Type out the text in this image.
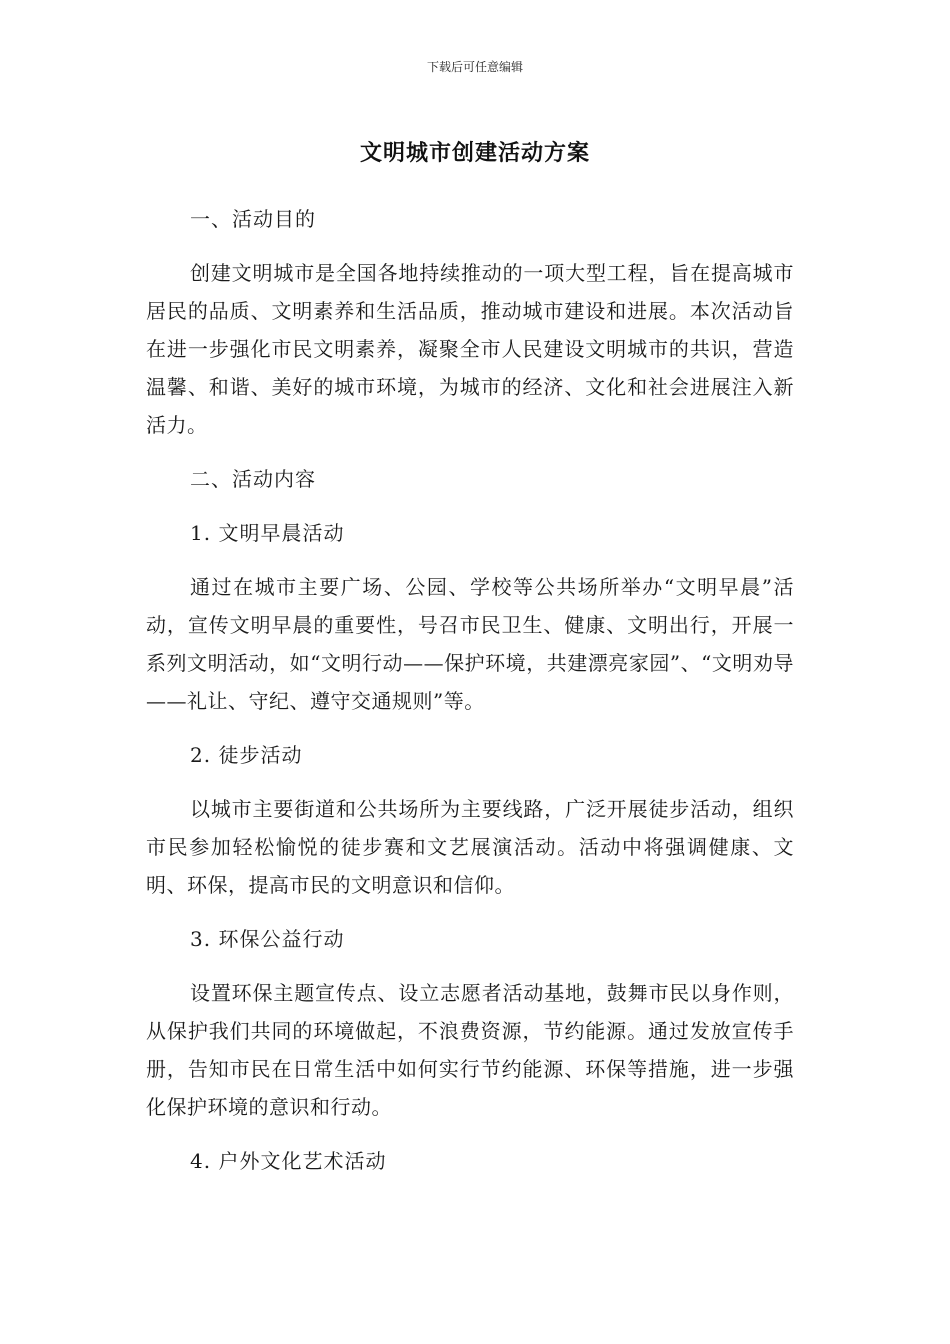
下载后可任意编辑
文明城市创建活动方案
一、活动目的
创建文明城市是全国各地持续推动的一项大型工程，旨在提高城市居民的品质、文明素养和生活品质，推动城市建设和进展。本次活动旨在进一步强化市民文明素养，凝聚全市人民建设文明城市的共识，营造温馨、和谐、美好的城市环境，为城市的经济、文化和社会进展注入新活力。
二、活动内容
1. 文明早晨活动
通过在城市主要广场、公园、学校等公共场所举办“文明早晨”活动，宣传文明早晨的重要性，号召市民卫生、健康、文明出行，开展一系列文明活动，如“文明行动——保护环境，共建漂亮家园”、“文明劝导——礼让、守纪、遵守交通规则”等。
2. 徒步活动
以城市主要街道和公共场所为主要线路，广泛开展徒步活动，组织市民参加轻松愉悦的徒步赛和文艺展演活动。活动中将强调健康、文明、环保，提高市民的文明意识和信仰。
3. 环保公益行动
设置环保主题宣传点、设立志愿者活动基地，鼓舞市民以身作则，从保护我们共同的环境做起，不浪费资源，节约能源。通过发放宣传手册，告知市民在日常生活中如何实行节约能源、环保等措施，进一步强化保护环境的意识和行动。
4. 户外文化艺术活动
